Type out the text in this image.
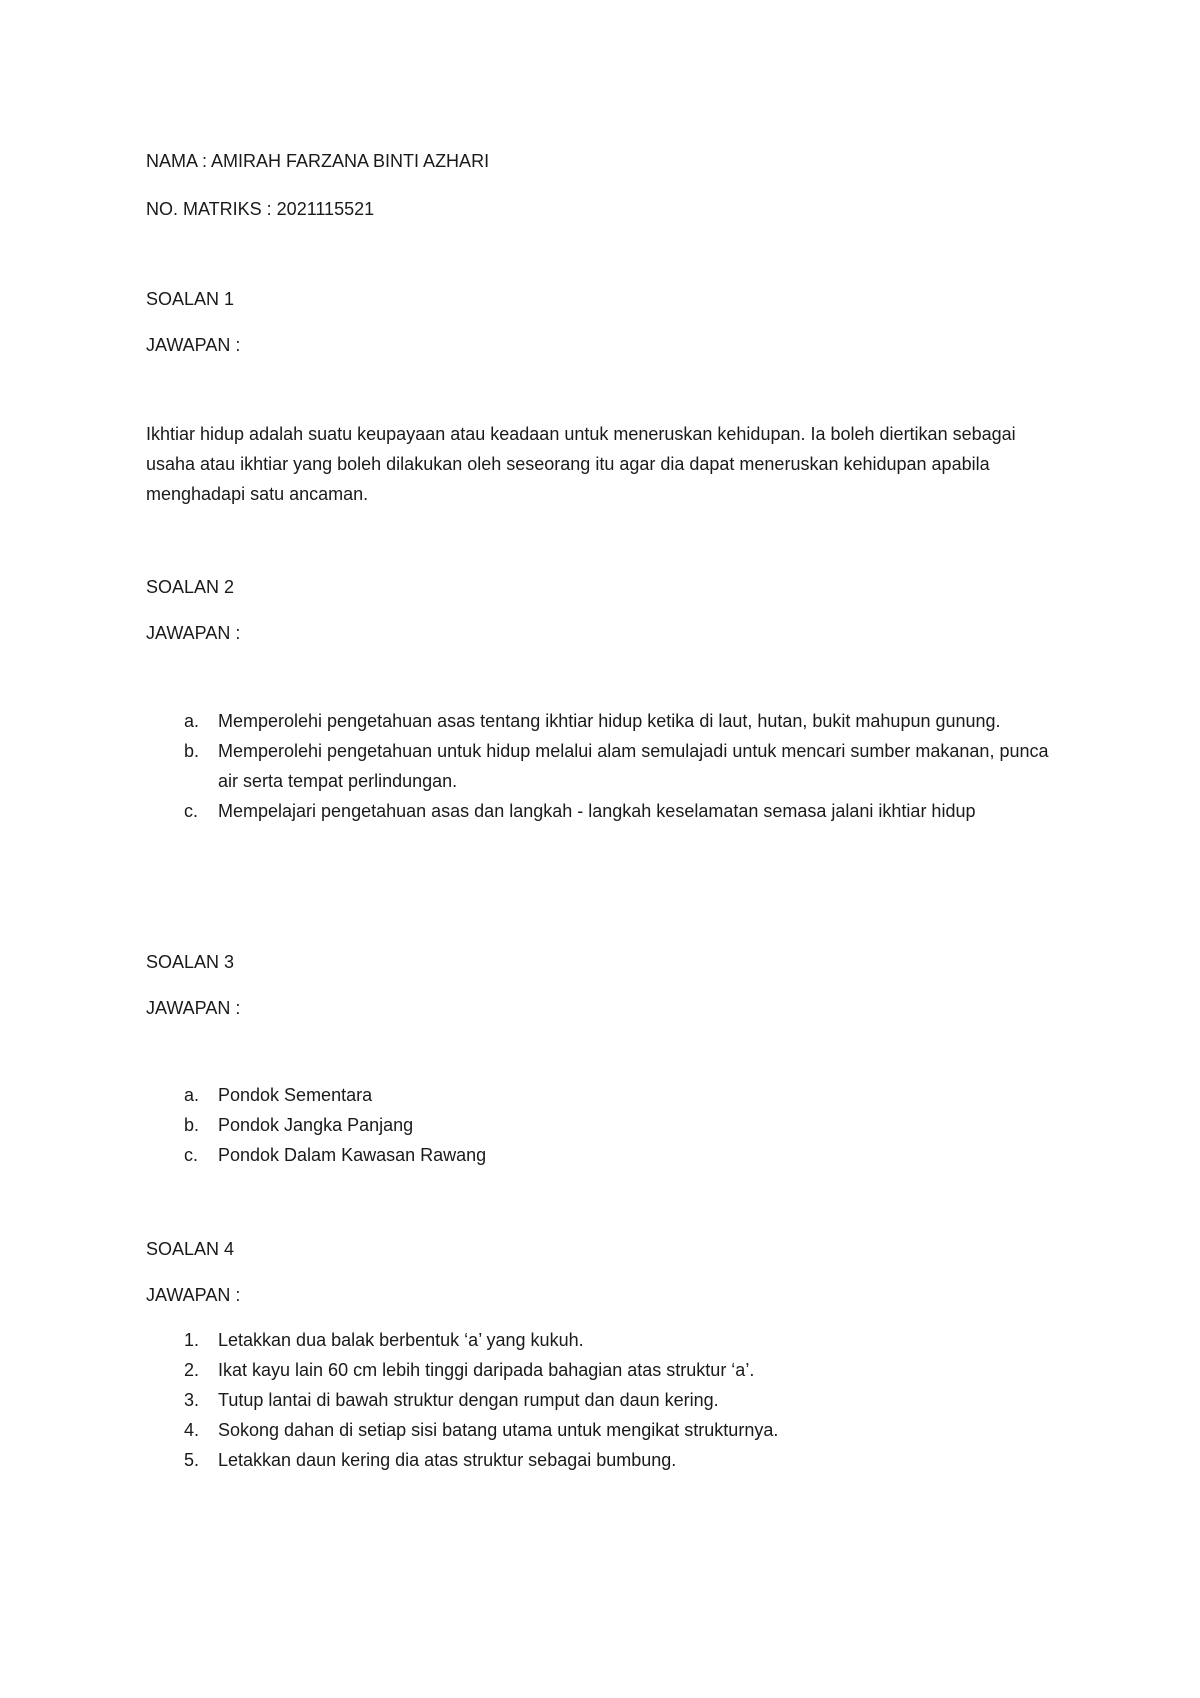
NAMA : AMIRAH FARZANA BINTI AZHARI
NO. MATRIKS : 2021115521
SOALAN 1
JAWAPAN :
Ikhtiar hidup adalah suatu keupayaan atau keadaan untuk meneruskan kehidupan. Ia boleh diertikan sebagai usaha atau ikhtiar yang boleh dilakukan oleh seseorang itu agar dia dapat meneruskan kehidupan apabila menghadapi satu ancaman.
SOALAN 2
JAWAPAN :
a. Memperolehi pengetahuan asas tentang ikhtiar hidup ketika di laut, hutan, bukit mahupun gunung.
b. Memperolehi pengetahuan untuk hidup melalui alam semulajadi untuk mencari sumber makanan, punca air serta tempat perlindungan.
c. Mempelajari pengetahuan asas dan langkah - langkah keselamatan semasa jalani ikhtiar hidup
SOALAN 3
JAWAPAN :
a. Pondok Sementara
b. Pondok Jangka Panjang
c. Pondok Dalam Kawasan Rawang
SOALAN 4
JAWAPAN :
1. Letakkan dua balak berbentuk ‘a’ yang kukuh.
2. Ikat kayu lain 60 cm lebih tinggi daripada bahagian atas struktur ‘a’.
3. Tutup lantai di bawah struktur dengan rumput dan daun kering.
4. Sokong dahan di setiap sisi batang utama untuk mengikat strukturnya.
5. Letakkan daun kering dia atas struktur sebagai bumbung.
